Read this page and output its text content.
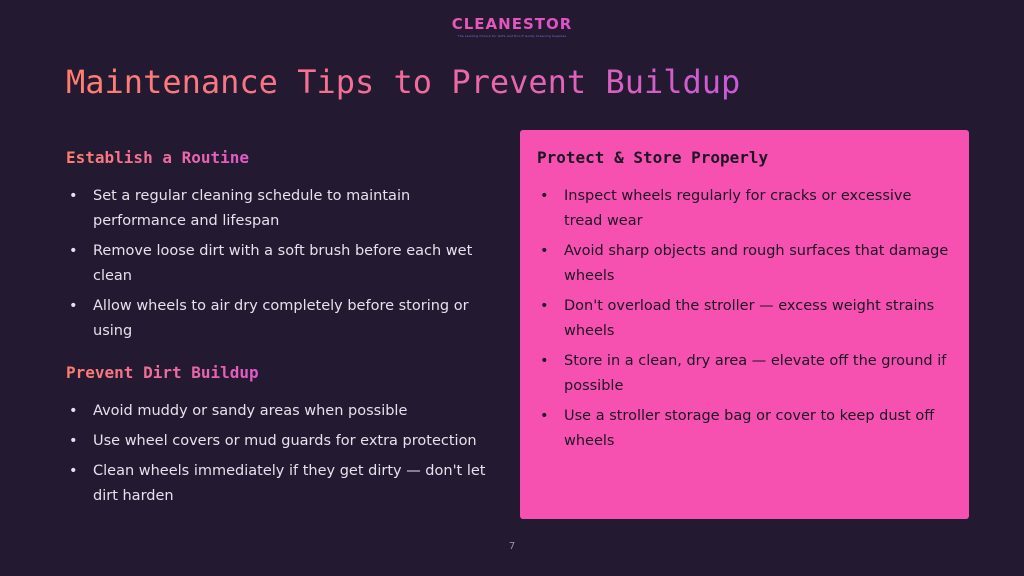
CLEANESTOR
The Leading Choice for Gifts and Eco-Friendly Cleaning Supplies
Maintenance Tips to Prevent Buildup
Establish a Routine
• Set a regular cleaning schedule to maintain performance and lifespan
• Remove loose dirt with a soft brush before each wet clean
• Allow wheels to air dry completely before storing or using
Prevent Dirt Buildup
• Avoid muddy or sandy areas when possible
• Use wheel covers or mud guards for extra protection
• Clean wheels immediately if they get dirty — don't let dirt harden
Protect & Store Properly
• Inspect wheels regularly for cracks or excessive tread wear
• Avoid sharp objects and rough surfaces that damage wheels
• Don't overload the stroller — excess weight strains wheels
• Store in a clean, dry area — elevate off the ground if possible
• Use a stroller storage bag or cover to keep dust off wheels
7
